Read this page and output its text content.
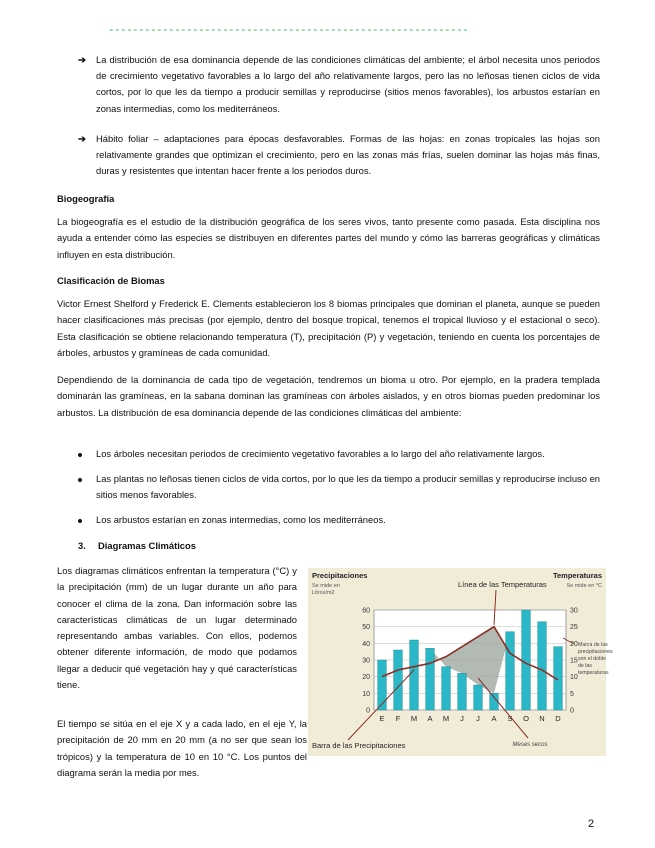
------------------------------------------------------------
➔ La distribución de esa dominancia depende de las condiciones climáticas del ambiente; el árbol necesita unos periodos de crecimiento vegetativo favorables a lo largo del año relativamente largos, pero las no leñosas tienen ciclos de vida cortos, por lo que les da tiempo a producir semillas y reproducirse (sitios menos favorables), los arbustos estarían en zonas intermedias, como los mediterráneos.
➔ Hábito foliar – adaptaciones para épocas desfavorables. Formas de las hojas: en zonas tropicales las hojas son relativamente grandes que optimizan el crecimiento, pero en las zonas más frías, suelen dominar las hojas más finas, duras y resistentes que intentan hacer frente a los periodos duros.
Biogeografía
La biogeografía es el estudio de la distribución geográfica de los seres vivos, tanto presente como pasada. Esta disciplina nos ayuda a entender cómo las especies se distribuyen en diferentes partes del mundo y cómo las barreras geográficas y climáticas influyen en esta distribución.
Clasificación de Biomas
Victor Ernest Shelford y Frederick E. Clements establecieron los 8 biomas principales que dominan el planeta, aunque se pueden hacer clasificaciones más precisas (por ejemplo, dentro del bosque tropical, tenemos el tropical lluvioso y el estacional o seco). Esta clasificación se obtiene relacionando temperatura (T), precipitación (P) y vegetación, teniendo en cuenta los porcentajes de árboles, arbustos y gramíneas de cada comunidad.
Dependiendo de la dominancia de cada tipo de vegetación, tendremos un bioma u otro. Por ejemplo, en la pradera templada dominarán las gramíneas, en la sabana dominan las gramíneas con árboles aislados, y en otros biomas pueden predominar los arbustos. La distribución de esa dominancia depende de las condiciones climáticas del ambiente:
Los árboles necesitan periodos de crecimiento vegetativo favorables a lo largo del año relativamente largos.
Las plantas no leñosas tienen ciclos de vida cortos, por lo que les da tiempo a producir semillas y reproducirse incluso en sitios menos favorables.
Los arbustos estarían en zonas intermedias, como los mediterráneos.
3. Diagramas Climáticos
Los diagramas climáticos enfrentan la temperatura (°C) y la precipitación (mm) de un lugar durante un año para conocer el clima de la zona. Dan información sobre las características climáticas de un lugar determinado representando ambas variables. Con ellos, podemos obtener diferente información, de modo que podamos llegar a deducir qué vegetación hay y qué características tiene.
El tiempo se sitúa en el eje X y a cada lado, en el eje Y, la precipitación de 20 mm en 20 mm (a no ser que sean los trópicos) y la temperatura de 10 en 10 °C. Los puntos del diagrama serán la media por mes.
0
10
20
30
40
50
60
0
5
10
15
20
25
30
E F M A M J J A S O N D
Precipitaciones
Se mide en
Litros/m2
Temperaturas
Se mide en °C
Línea de las Temperaturas
Barra de las Precipitaciones	Meses secos
Marca de las
precipitaciones
son el doble
de las
temperaturas
2
